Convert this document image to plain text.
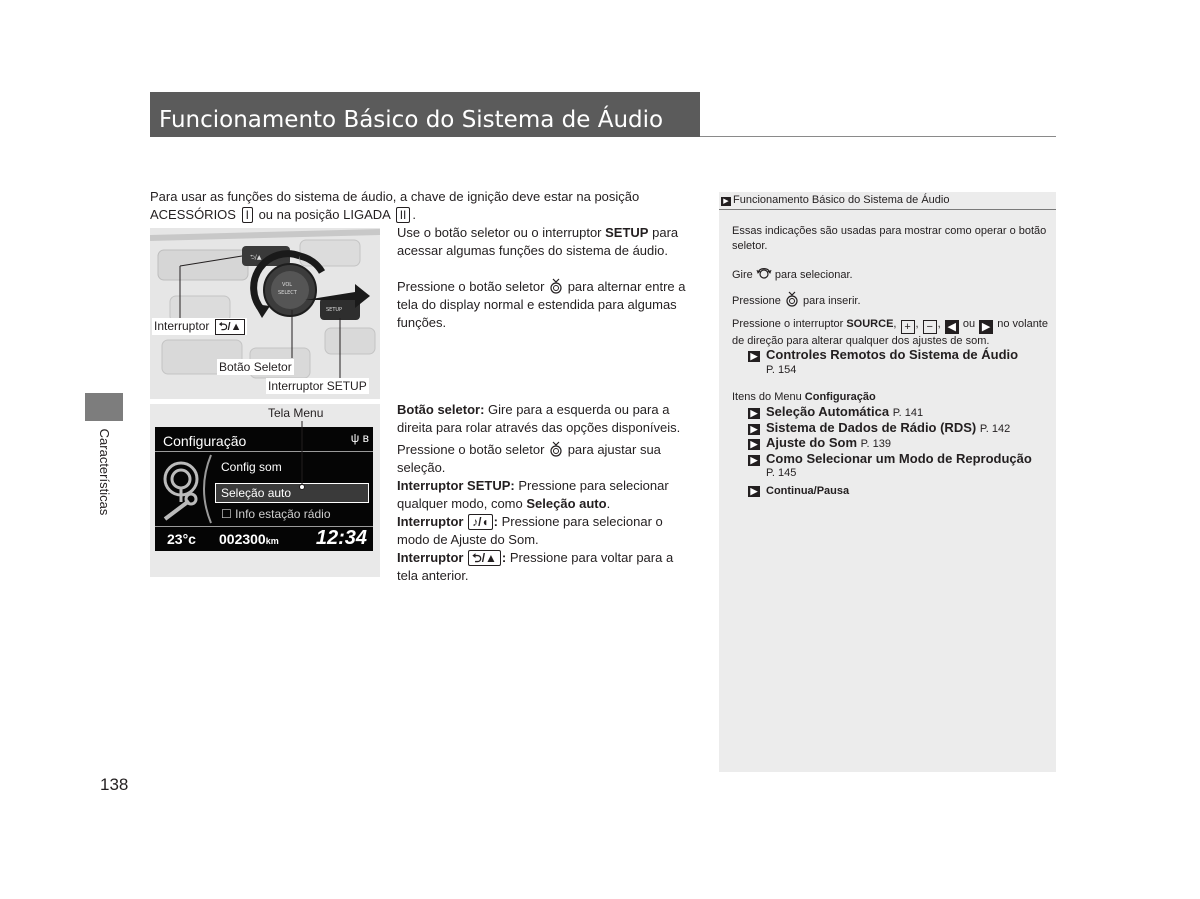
Funcionamento Básico do Sistema de Áudio
Características
138
Para usar as funções do sistema de áudio, a chave de ignição deve estar na posição
ACESSÓRIOS I ou na posição LIGADA II .
Use o botão seletor ou o interruptor SETUP para acessar algumas funções do sistema de áudio.
Pressione o botão seletor para alternar entre a tela do display normal e estendida para algumas funções.

Botão seletor: Gire para a esquerda ou para a direita para rolar através das opções disponíveis.

Pressione o botão seletor para ajustar sua seleção.

Interruptor SETUP: Pressione para selecionar qualquer modo, como Seleção auto.

Interruptor ♪/◖ : Pressione para selecionar o modo de Ajuste do Som.

Interruptor ⮌/▲ : Pressione para voltar para a tela anterior.

⮌/▲
SETUP
VOL
SELECT
Interruptor ⮌/▲
Botão Seletor
Interruptor SETUP
Tela Menu
Configuração	ψ ʙ
Config som
Seleção auto
☐ Info estação rádio
23°c 002300km 12:34
▶ Funcionamento Básico do Sistema de Áudio
Essas indicações são usadas para mostrar como operar o botão seletor.
Gire para selecionar.
Pressione para inserir.
Pressione o interruptor SOURCE, + , − , ◀ ou ▶ no volante de direção para alterar qualquer dos ajustes de som.
▶ Controles Remotos do Sistema de Áudio
P. 154
Itens do Menu Configuração
▶ Seleção Automática P. 141
▶ Sistema de Dados de Rádio (RDS) P. 142
▶ Ajuste do Som P. 139
▶ Como Selecionar um Modo de Reprodução
P. 145
▶ Continua/Pausa
